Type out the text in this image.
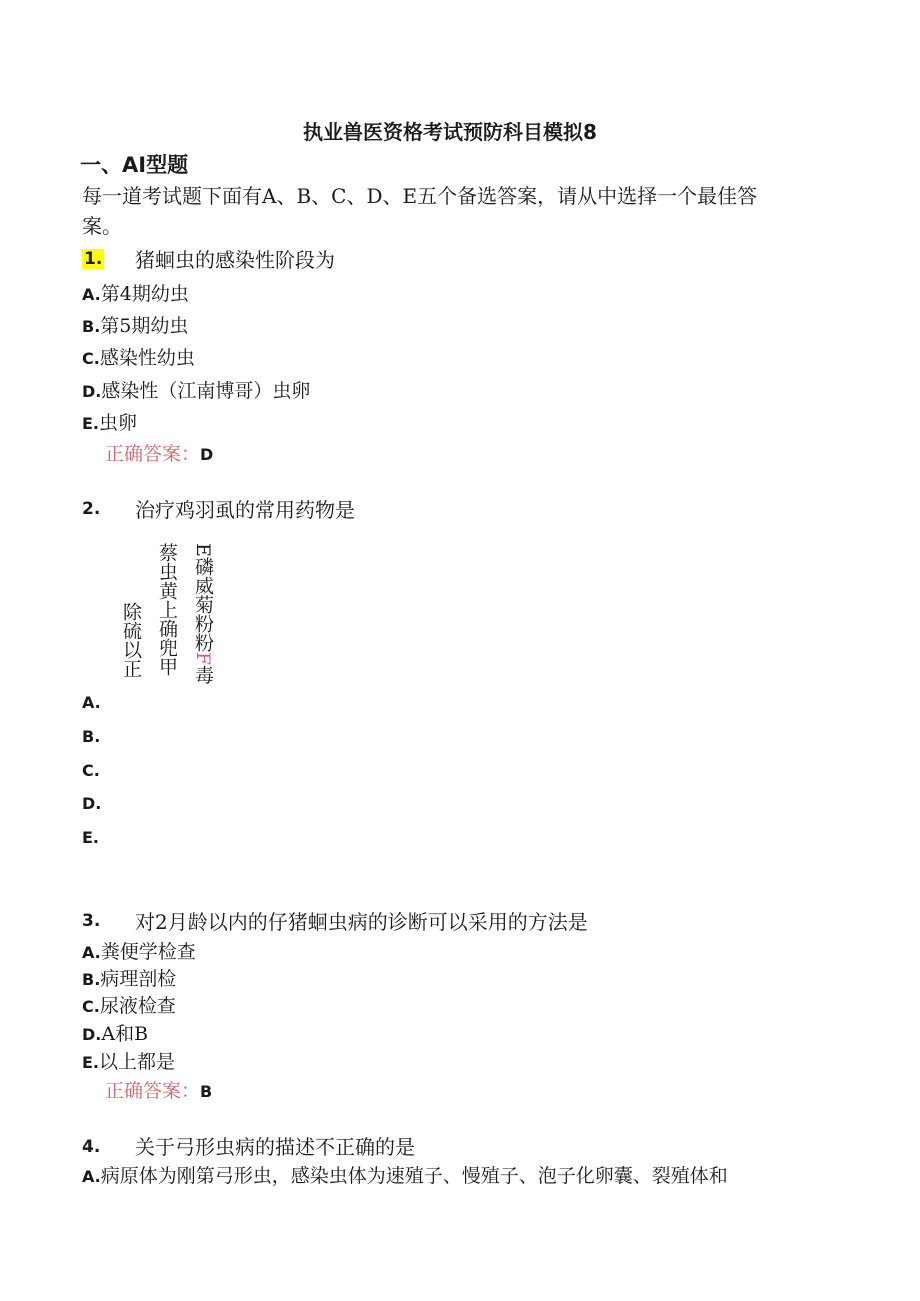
执业兽医资格考试预防科目模拟8
一、AI型题
每一道考试题下面有A、B、C、D、E五个备选答案，请从中选择一个最佳答
案。
1. 猪蛔虫的感染性阶段为
A.第4期幼虫
B.第5期幼虫
C.感染性幼虫
D.感染性（江南博哥）虫卵
E.虫卵
正确答案：D
2. 治疗鸡羽虱的常用药物是
除硫以正 蔡虫黄上确兜甲 E磷威菊粉粉F毒
A.
B.
C.
D.
E.
3. 对2月龄以内的仔猪蛔虫病的诊断可以采用的方法是
A.粪便学检查
B.病理剖检
C.尿液检查
D.A和B
E.以上都是
正确答案：B
4. 关于弓形虫病的描述不正确的是
A.病原体为刚第弓形虫，感染虫体为速殖子、慢殖子、泡子化卵囊、裂殖体和
